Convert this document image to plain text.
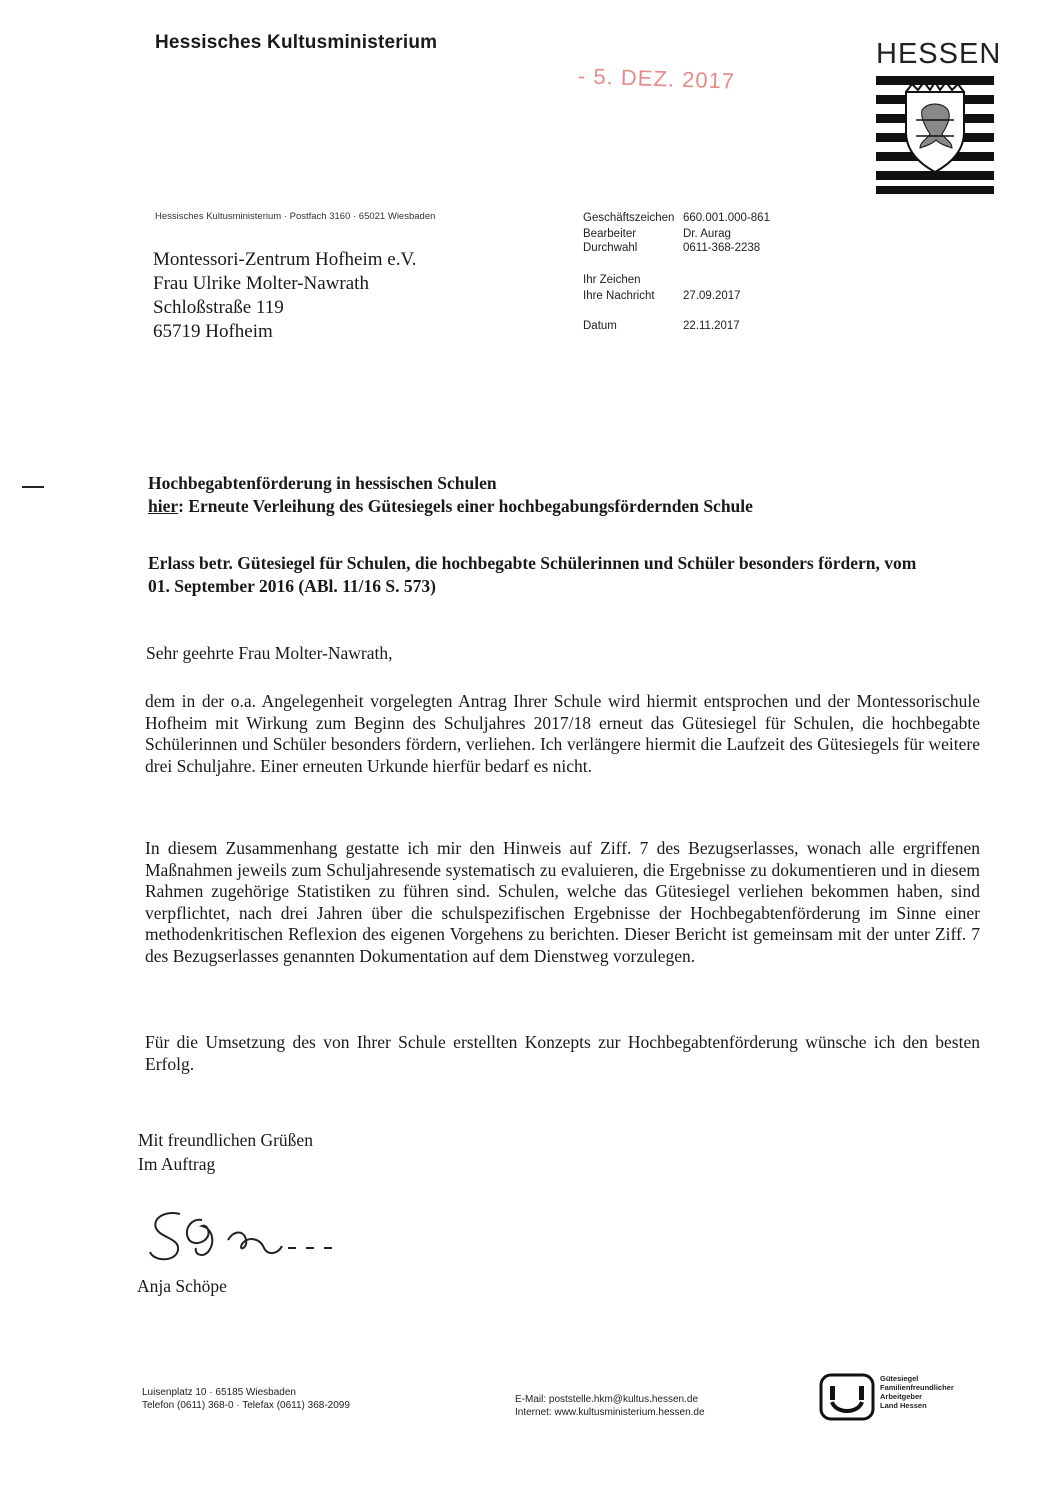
Hessisches Kultusministerium
- 5. DEZ. 2017
HESSEN
Hessisches Kultusministerium · Postfach 3160 · 65021 Wiesbaden
Montessori-Zentrum Hofheim e.V.
Frau Ulrike Molter-Nawrath
Schloßstraße 119
65719 Hofheim
Geschäftszeichen 660.001.000-861
Bearbeiter	Dr. Aurag
Durchwahl	0611-368-2238
Ihr Zeichen
Ihre Nachricht	27.09.2017
Datum	22.11.2017
Hochbegabtenförderung in hessischen Schulen
hier: Erneute Verleihung des Gütesiegels einer hochbegabungsfördernden Schule
Erlass betr. Gütesiegel für Schulen, die hochbegabte Schülerinnen und Schüler besonders fördern, vom 01. September 2016 (ABl. 11/16 S. 573)
Sehr geehrte Frau Molter-Nawrath,
dem in der o.a. Angelegenheit vorgelegten Antrag Ihrer Schule wird hiermit entsprochen und der Montessorischule Hofheim mit Wirkung zum Beginn des Schuljahres 2017/18 erneut das Gütesiegel für Schulen, die hochbegabte Schülerinnen und Schüler besonders fördern, verliehen. Ich verlängere hiermit die Laufzeit des Gütesiegels für weitere drei Schuljahre. Einer erneuten Urkunde hierfür bedarf es nicht.
In diesem Zusammenhang gestatte ich mir den Hinweis auf Ziff. 7 des Bezugserlasses, wonach alle ergriffenen Maßnahmen jeweils zum Schuljahresende systematisch zu evaluieren, die Ergebnisse zu dokumentieren und in diesem Rahmen zugehörige Statistiken zu führen sind. Schulen, welche das Gütesiegel verliehen bekommen haben, sind verpflichtet, nach drei Jahren über die schulspezifischen Ergebnisse der Hochbegabtenförderung im Sinne einer methodenkritischen Reflexion des eigenen Vorgehens zu berichten. Dieser Bericht ist gemeinsam mit der unter Ziff. 7 des Bezugserlasses genannten Dokumentation auf dem Dienstweg vorzulegen.
Für die Umsetzung des von Ihrer Schule erstellten Konzepts zur Hochbegabtenförderung wünsche ich den besten Erfolg.
Mit freundlichen Grüßen
Im Auftrag
Anja Schöpe
Luisenplatz 10 · 65185 Wiesbaden
Telefon (0611) 368-0 · Telefax (0611) 368-2099
E-Mail: poststelle.hkm@kultus.hessen.de
Internet: www.kultusministerium.hessen.de
Gütesiegel
Familienfreundlicher
Arbeitgeber
Land Hessen
